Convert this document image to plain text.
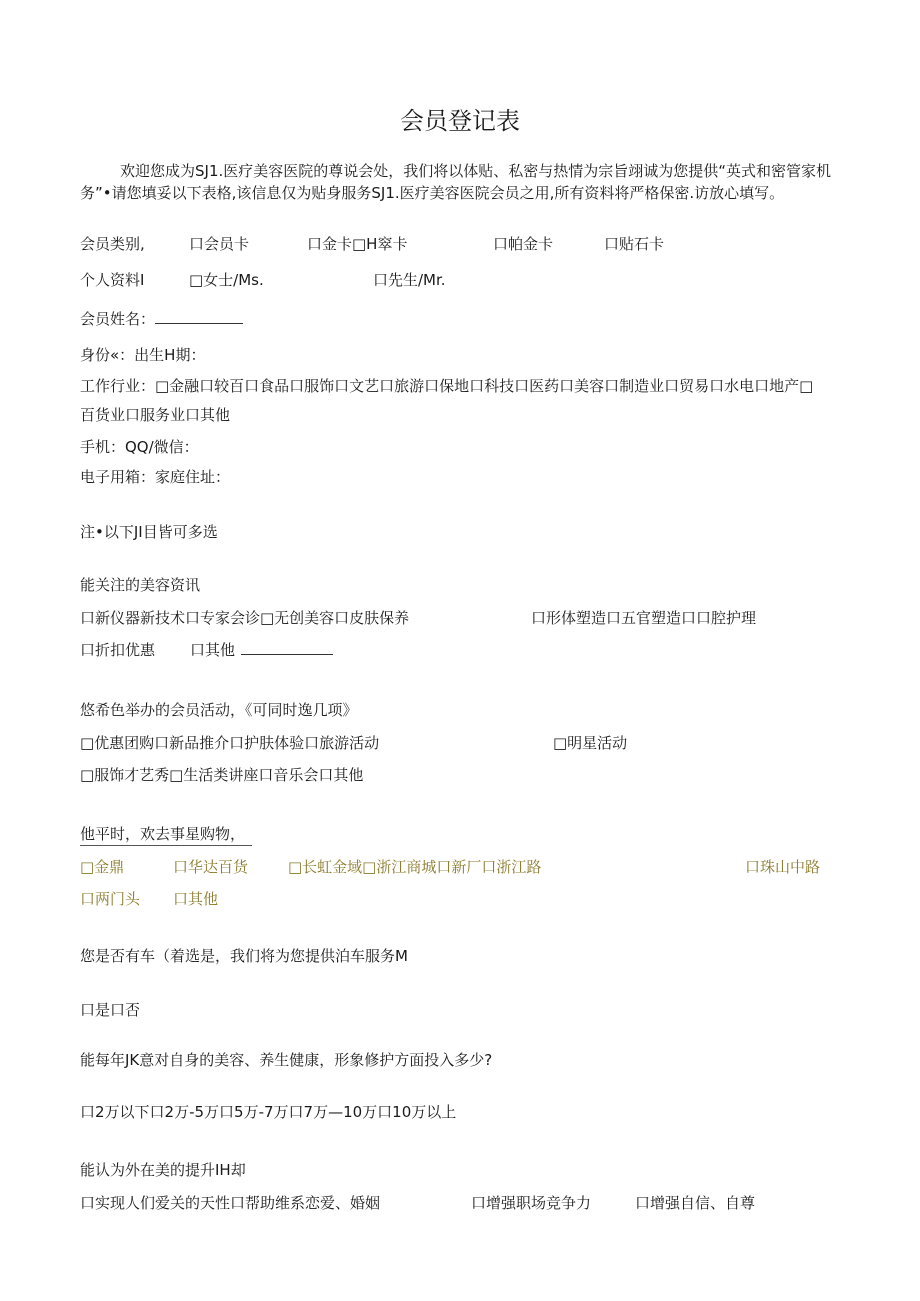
会员登记表
欢迎您成为SJ1.医疗美容医院的尊说会处，我们将以体贴、私密与热情为宗旨翊诚为您提供“英式和密管家机务”•请您填妥以下表格,该信息仅为贴身服务SJ1.医疗美容医院会员之用,所有资料将严格保密.访放心填写。
会员类别,	口会员卡	口金卡□H窣卡	口帕金卡	口贴石卡
个人资料I	□女士/Ms.	口先生/Mr.
会员姓名：
身份«：出生H期：
工作行业：□金融口较百口食品口服饰口文艺口旅游口保地口科技口医药口美容口制造业口贸易口水电口地产□
百货业口服务业口其他
手机：QQ/微信：
电子用箱：家庭住址：
注•以下JI目皆可多选
能关注的美容资讯
口新仪器新技术口专家会诊□无创美容口皮肤保养	口形体塑造口五官塑造口口腔护理
口折扣优惠 口其他
悠希色举办的会员活动，《可同时逸几项》
□优惠团购口新品推介口护肤体验口旅游活动	□明星活动
□服饰才艺秀□生活类讲座口音乐会口其他
他平时，欢去事星购物，
□金鼎	口华达百货	□长虹金域□浙江商城口新厂口浙江路	口珠山中路
口两门头 口其他
您是否有车（着选是，我们将为您提供泊车服务M
口是口否
能每年JK意对自身的美容、养生健康，形象修护方面投入多少?
口2万以下口2万-5万口5万-7万口7万—10万口10万以上
能认为外在美的提升IH却
口实现人们爱关的天性口帮助维系恋爱、婚姻	口增强职场竞争力	口增强自信、自尊
